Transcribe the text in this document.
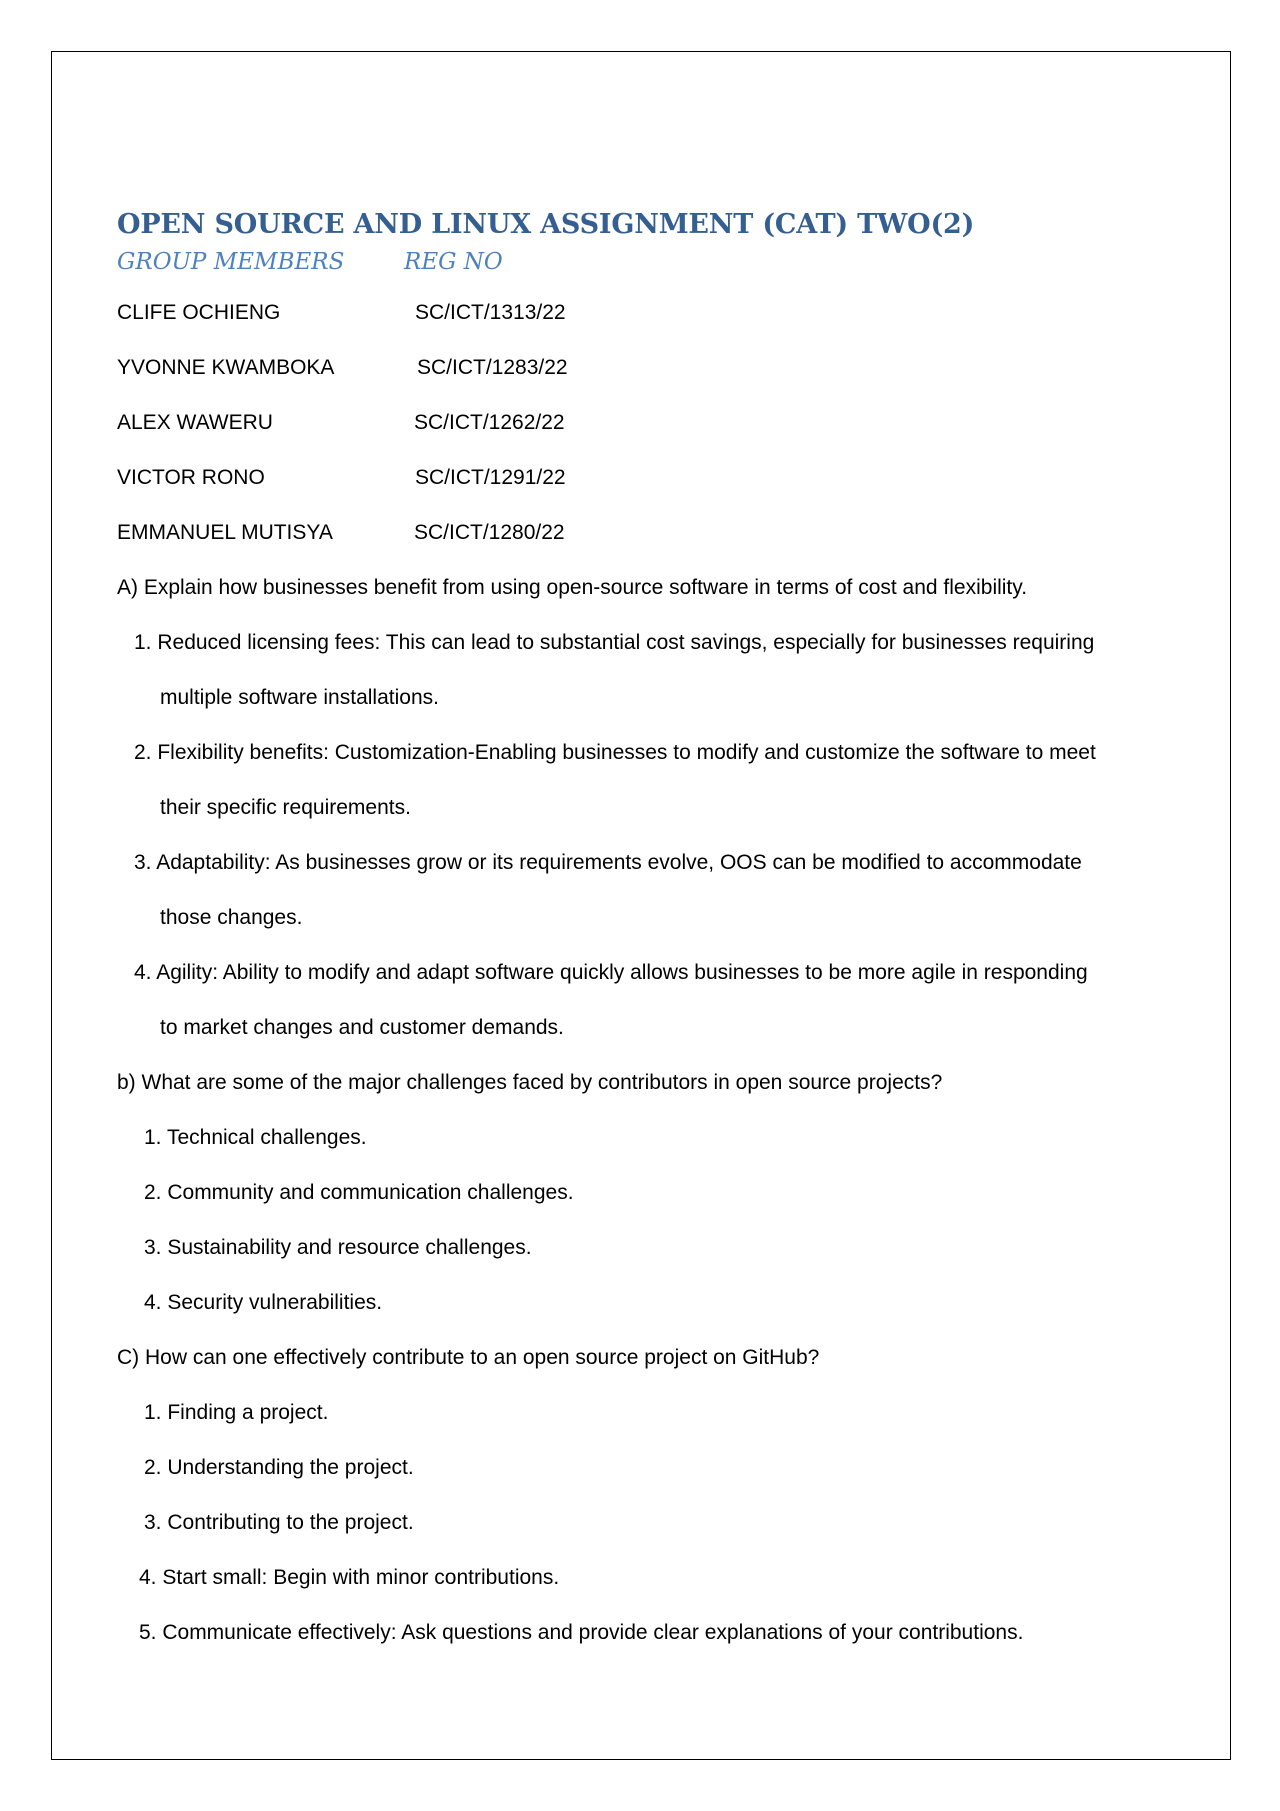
OPEN SOURCE AND LINUX ASSIGNMENT (CAT) TWO(2)
GROUP MEMBERS	REG NO
CLIFE OCHIENG	SC/ICT/1313/22
YVONNE KWAMBOKA	SC/ICT/1283/22
ALEX WAWERU	SC/ICT/1262/22
VICTOR RONO	SC/ICT/1291/22
EMMANUEL MUTISYA	SC/ICT/1280/22
A) Explain how businesses benefit from using open-source software in terms of cost and flexibility.
1. Reduced licensing fees: This can lead to substantial cost savings, especially for businesses requiring
multiple software installations.
2. Flexibility benefits: Customization-Enabling businesses to modify and customize the software to meet
their specific requirements.
3. Adaptability: As businesses grow or its requirements evolve, OOS can be modified to accommodate
those changes.
4. Agility: Ability to modify and adapt software quickly allows businesses to be more agile in responding
to market changes and customer demands.
b) What are some of the major challenges faced by contributors in open source projects?
1. Technical challenges.
2. Community and communication challenges.
3. Sustainability and resource challenges.
4. Security vulnerabilities.
C) How can one effectively contribute to an open source project on GitHub?
1. Finding a project.
2. Understanding the project.
3. Contributing to the project.
4. Start small: Begin with minor contributions.
5. Communicate effectively: Ask questions and provide clear explanations of your contributions.
